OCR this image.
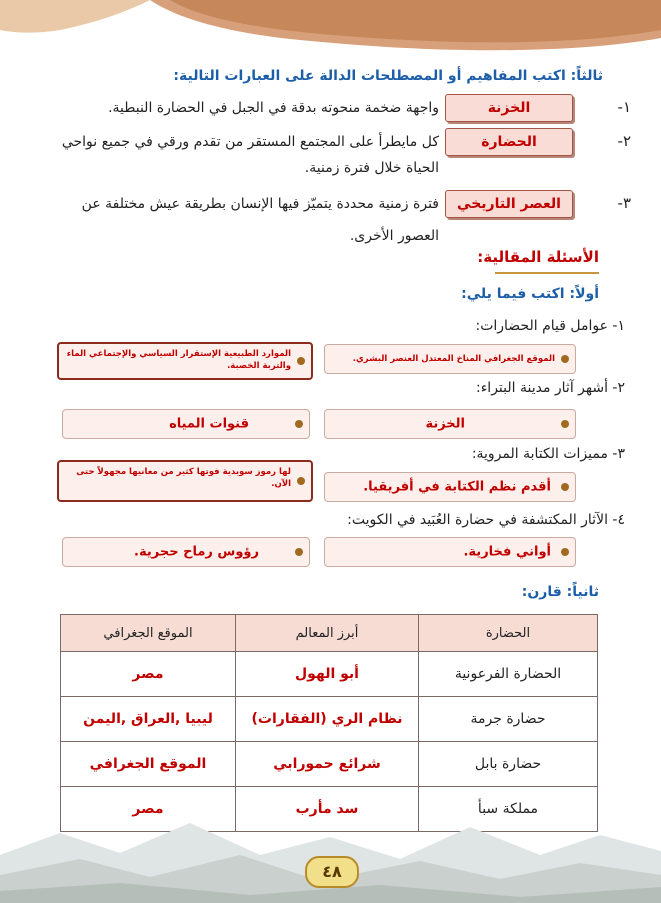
ثالثاً: اكتب المفاهيم أو المصطلحات الدالة على العبارات التالية:
١-
الخزنة
واجهة ضخمة منحوته بدقة في الجبل في الحضارة النبطية.
٢-
الحضارة
كل مايطرأ على المجتمع المستقر من تقدم ورقي في جميع نواحي
الحياة خلال فترة زمنية.
٣-
العصر التاريخي
فترة زمنية محددة يتميّز فيها الإنسان بطريقة عيش مختلفة عن
العصور الأخرى.
الأسئلة المقالية:
أولاً: اكتب فيما يلي:
١- عوامل قيام الحضارات:
الموقع الجغرافي المناخ المعتدل العنصر البشري.
الموارد الطبيعية الإستقرار السياسي والإجتماعي الماء والتربة الخصبة.
٢- أشهر آثار مدينة البتراء:
الخزنة
قنوات المياه
٣- مميزات الكتابة المروية:
أقدم نظم الكتابة في أفريقيا.
لها رموز سوبدية فوتها كثير من معانيها مجهولاً حتى الآن.
٤- الآثار المكتشفة في حضارة العُبَيد في الكويت:
أواني فخارية.
رؤوس رماح حجرية.
ثانياً: قارن:
الحضارة	أبرز المعالم	الموقع الجغرافي
الحضارة الفرعونية	أبو الهول	مصر
حضارة جرمة	نظام الري (الفقارات)	ليبيا ,العراق ,اليمن
حضارة بابل	شرائع حمورابي	الموقع الجغرافي
مملكة سبأ	سد مأرب	مصر
٤٨
